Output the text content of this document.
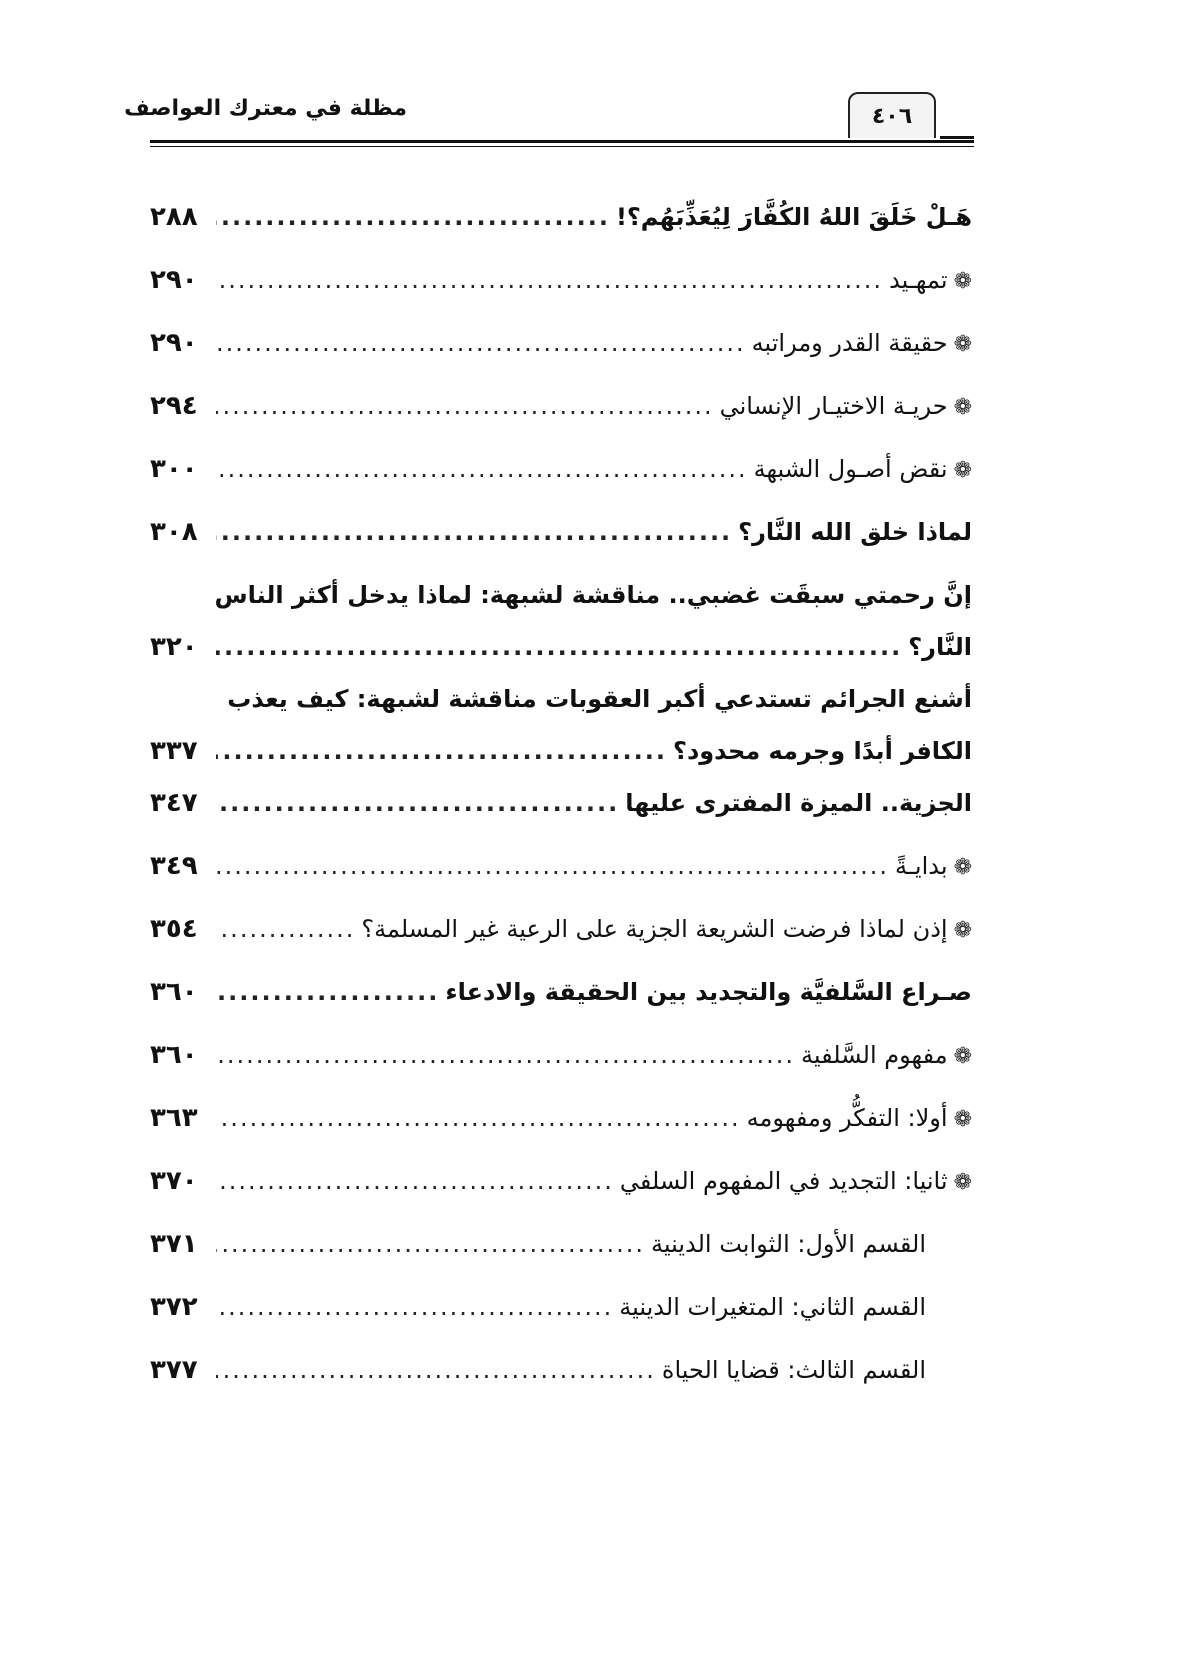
٤٠٦
مظلة في معترك العواصف
هَـلْ خَلَقَ اللهُ الكُفَّارَ لِيُعَذِّبَهُم؟!
.....
٢٨٨
❁
تمهـيد
.....
٢٩٠
❁
حقيقة القدر ومراتبه
.....
٢٩٠
❁
حريـة الاختيـار الإنساني
.....
٢٩٤
❁
نقض أصـول الشبهة
.....
٣٠٠
لماذا خلق الله النَّار؟
.....
٣٠٨
إنَّ رحمتي سبقَت غضبي.. مناقشة لشبهة: لماذا يدخل أكثر الناس
النَّار؟
.....
٣٢٠
أشنع الجرائم تستدعي أكبر العقوبات مناقشة لشبهة: كيف يعذب
الكافر أبدًا وجرمه محدود؟
.....
٣٣٧
الجزية.. الميزة المفترى عليها
.....
٣٤٧
❁
بدايـةً
.....
٣٤٩
❁
إذن لماذا فرضت الشريعة الجزية على الرعية غير المسلمة؟
.....
٣٥٤
صـراع السَّلفيَّة والتجديد بين الحقيقة والادعاء
.....
٣٦٠
❁
مفهوم السَّلفية
.....
٣٦٠
❁
أولا: التفكُّر ومفهومه
.....
٣٦٣
❁
ثانيا: التجديد في المفهوم السلفي
.....
٣٧٠
القسم الأول: الثوابت الدينية
.....
٣٧١
القسم الثاني: المتغيرات الدينية
.....
٣٧٢
القسم الثالث: قضايا الحياة
.....
٣٧٧
